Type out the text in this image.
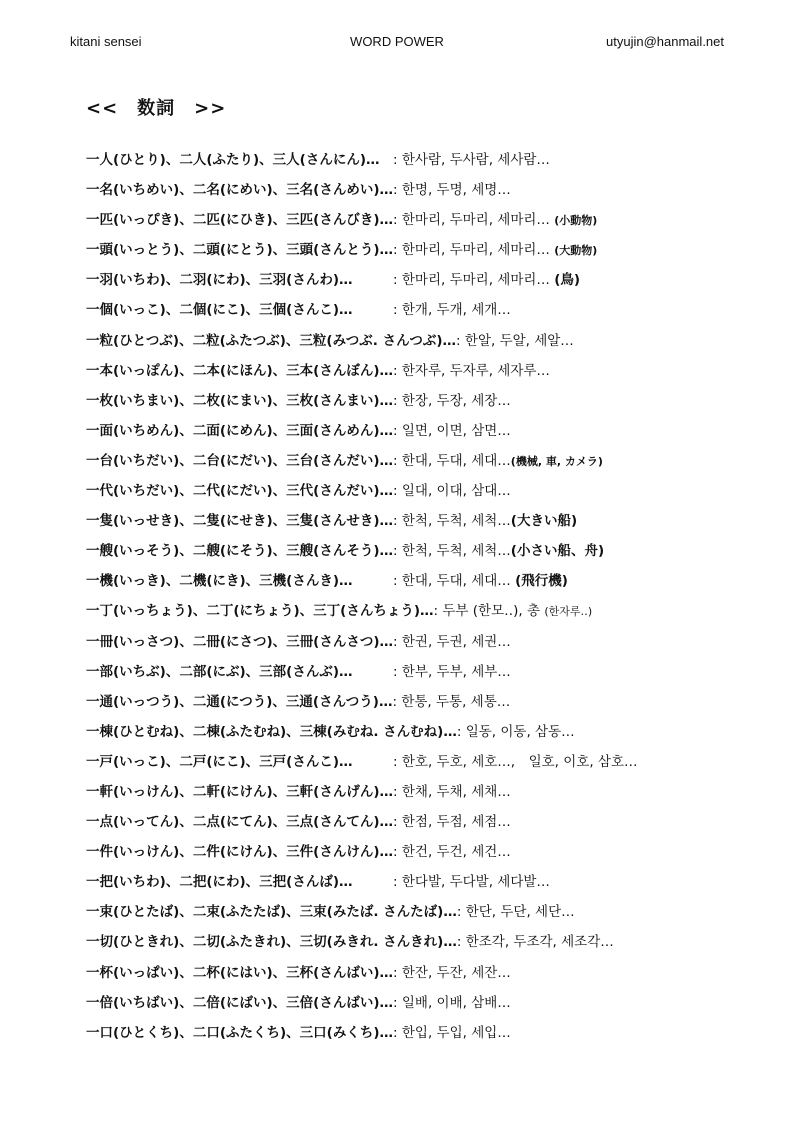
kitani sensei	WORD POWER	utyujin@hanmail.net
<<　数詞　>>
一人(ひとり)、二人(ふたり)、三人(さんにん)…　: 한사람, 두사람, 세사람…
一名(いちめい)、二名(にめい)、三名(さんめい)…: 한명, 두명, 세명…
一匹(いっぴき)、二匹(にひき)、三匹(さんびき)…: 한마리, 두마리, 세마리… (小動物)
一頭(いっとう)、二頭(にとう)、三頭(さんとう)…: 한마리, 두마리, 세마리… (大動物)
一羽(いちわ)、二羽(にわ)、三羽(さんわ)…　　　: 한마리, 두마리, 세마리… (鳥)
一個(いっこ)、二個(にこ)、三個(さんこ)…　　　: 한개, 두개, 세개…
一粒(ひとつぶ)、二粒(ふたつぶ)、三粒(みつぶ. さんつぶ)…: 한알, 두알, 세알…
一本(いっぽん)、二本(にほん)、三本(さんぼん)…: 한자루, 두자루, 세자루…
一枚(いちまい)、二枚(にまい)、三枚(さんまい)…: 한장, 두장, 세장…
一面(いちめん)、二面(にめん)、三面(さんめん)…: 일면, 이면, 삼면…
一台(いちだい)、二台(にだい)、三台(さんだい)…: 한대, 두대, 세대…(機械, 車, カメラ)
一代(いちだい)、二代(にだい)、三代(さんだい)…: 일대, 이대, 삼대…
一隻(いっせき)、二隻(にせき)、三隻(さんせき)…: 한척, 두척, 세척…(大きい船)
一艘(いっそう)、二艘(にそう)、三艘(さんそう)…: 한척, 두척, 세척…(小さい船、舟)
一機(いっき)、二機(にき)、三機(さんき)…　　　: 한대, 두대, 세대… (飛行機)
一丁(いっちょう)、二丁(にちょう)、三丁(さんちょう)…: 두부 (한모‥), 총 (한자루‥)
一冊(いっさつ)、二冊(にさつ)、三冊(さんさつ)…: 한권, 두권, 세권…
一部(いちぶ)、二部(にぶ)、三部(さんぶ)…　　　: 한부, 두부, 세부…
一通(いっつう)、二通(につう)、三通(さんつう)…: 한통, 두통, 세통…
一棟(ひとむね)、二棟(ふたむね)、三棟(みむね. さんむね)…: 일동, 이동, 삼동…
一戸(いっこ)、二戸(にこ)、三戸(さんこ)…　　　: 한호, 두호, 세호…,　일호, 이호, 삼호…
一軒(いっけん)、二軒(にけん)、三軒(さんげん)…: 한채, 두채, 세채…
一点(いってん)、二点(にてん)、三点(さんてん)…: 한점, 두점, 세점…
一件(いっけん)、二件(にけん)、三件(さんけん)…: 한건, 두건, 세건…
一把(いちわ)、二把(にわ)、三把(さんば)…　　　: 한다발, 두다발, 세다발…
一束(ひとたば)、二束(ふたたば)、三束(みたば. さんたば)…: 한단, 두단, 세단…
一切(ひときれ)、二切(ふたきれ)、三切(みきれ. さんきれ)…: 한조각, 두조각, 세조각…
一杯(いっぱい)、二杯(にはい)、三杯(さんばい)…: 한잔, 두잔, 세잔…
一倍(いちばい)、二倍(にばい)、三倍(さんばい)…: 일배, 이배, 삼배…
一口(ひとくち)、二口(ふたくち)、三口(みくち)…: 한입, 두입, 세입…
